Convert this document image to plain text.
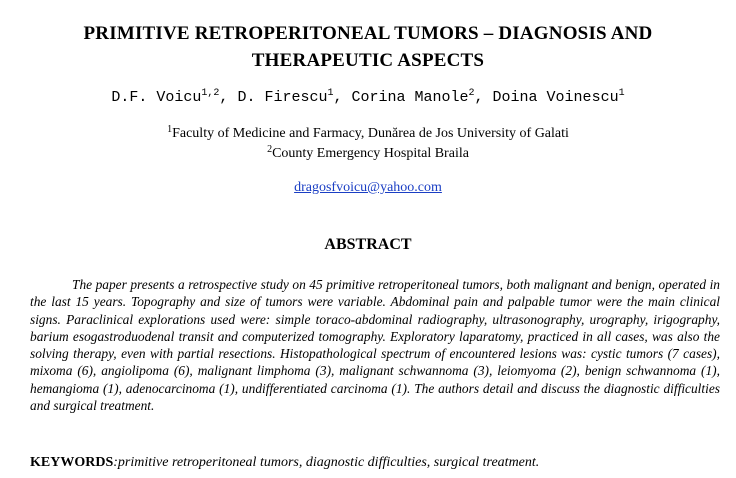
PRIMITIVE RETROPERITONEAL TUMORS – DIAGNOSIS AND
THERAPEUTIC ASPECTS
D.F. Voicu$^{1,2}$, D. Firescu$^1$, Corina Manole$^2$, Doina Voinescu$^1$
$^1$Faculty of Medicine and Farmacy, Dunărea de Jos University of Galati
$^2$County Emergency Hospital Braila
dragosfvoicu@yahoo.com
ABSTRACT

The paper presents a retrospective study on 45 primitive retroperitoneal tumors, both malignant and benign, operated in the last 15 years. Topography and size of tumors were variable. Abdominal pain and palpable tumor were the main clinical signs. Paraclinical explorations used were: simple toraco-abdominal radiography, ultrasonography, urography, irigography, barium esogastroduodenal transit and computerized tomography. Exploratory laparatomy, practiced in all cases, was also the solving therapy, even with partial resections. Histopathological spectrum of encountered lesions was: cystic tumors (7 cases), mixoma (6), angiolipoma (6), malignant limphoma (3), malignant schwannoma (3), leiomyoma (2), benign schwannoma (1), hemangioma (1), adenocarcinoma (1), undifferentiated carcinoma (1). The authors detail and discuss the diagnostic difficulties and surgical treatment.

KEYWORDS:primitive retroperitoneal tumors, diagnostic difficulties, surgical treatment.
